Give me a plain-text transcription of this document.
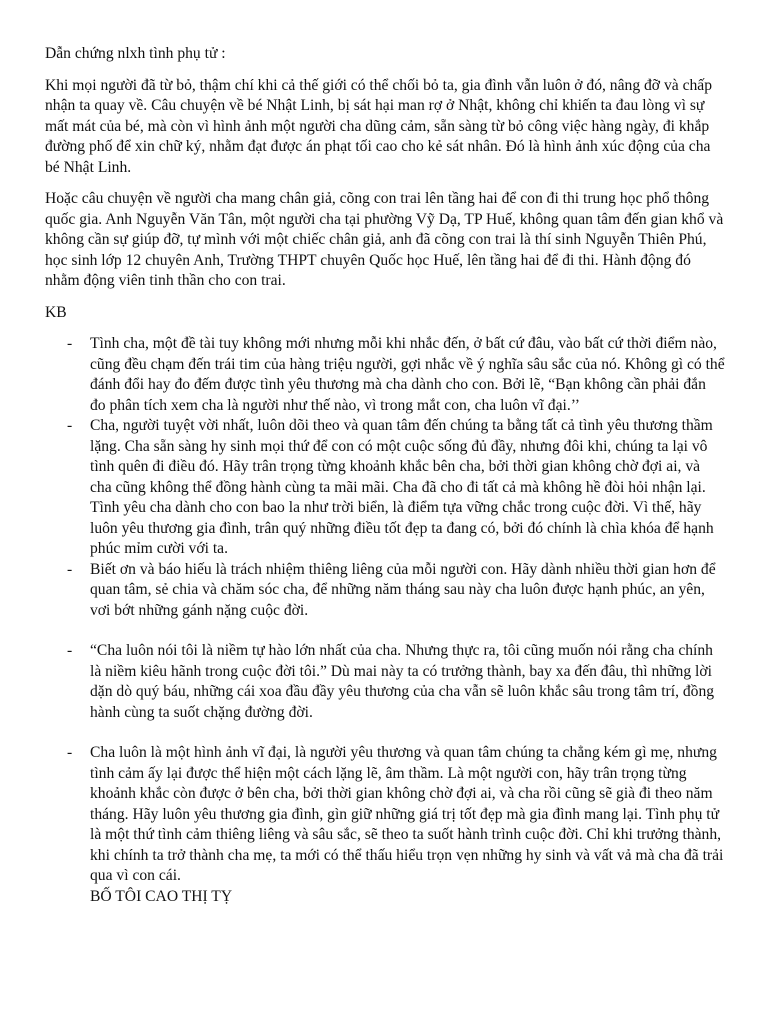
Dẫn chứng nlxh tình phụ tử :

Khi mọi người đã từ bỏ, thậm chí khi cả thế giới có thể chối bỏ ta, gia đình vẫn luôn ở đó, nâng đỡ và chấp nhận ta quay về. Câu chuyện về bé Nhật Linh, bị sát hại man rợ ở Nhật, không chỉ khiến ta đau lòng vì sự mất mát của bé, mà còn vì hình ảnh một người cha dũng cảm, sẵn sàng từ bỏ công việc hàng ngày, đi khắp đường phố để xin chữ ký, nhằm đạt được án phạt tối cao cho kẻ sát nhân. Đó là hình ảnh xúc động của cha bé Nhật Linh.

Hoặc câu chuyện về người cha mang chân giả, cõng con trai lên tầng hai để con đi thi trung học phổ thông quốc gia. Anh Nguyễn Văn Tân, một người cha tại phường Vỹ Dạ, TP Huế, không quan tâm đến gian khổ và không cần sự giúp đỡ, tự mình với một chiếc chân giả, anh đã cõng con trai là thí sinh Nguyễn Thiên Phú, học sinh lớp 12 chuyên Anh, Trường THPT chuyên Quốc học Huế, lên tầng hai để đi thi. Hành động đó nhằm động viên tinh thần cho con trai.

KB
- Tình cha, một đề tài tuy không mới nhưng mỗi khi nhắc đến, ở bất cứ đâu, vào bất cứ thời điểm nào, cũng đều chạm đến trái tim của hàng triệu người, gợi nhắc về ý nghĩa sâu sắc của nó. Không gì có thể đánh đổi hay đo đếm được tình yêu thương mà cha dành cho con. Bởi lẽ, “Bạn không cần phải đắn đo phân tích xem cha là người như thế nào, vì trong mắt con, cha luôn vĩ đại.’’
- Cha, người tuyệt vời nhất, luôn dõi theo và quan tâm đến chúng ta bằng tất cả tình yêu thương thầm lặng. Cha sẵn sàng hy sinh mọi thứ để con có một cuộc sống đủ đầy, nhưng đôi khi, chúng ta lại vô tình quên đi điều đó. Hãy trân trọng từng khoảnh khắc bên cha, bởi thời gian không chờ đợi ai, và cha cũng không thể đồng hành cùng ta mãi mãi. Cha đã cho đi tất cả mà không hề đòi hỏi nhận lại. Tình yêu cha dành cho con bao la như trời biển, là điểm tựa vững chắc trong cuộc đời. Vì thế, hãy luôn yêu thương gia đình, trân quý những điều tốt đẹp ta đang có, bởi đó chính là chìa khóa để hạnh phúc mỉm cười với ta.
- Biết ơn và báo hiếu là trách nhiệm thiêng liêng của mỗi người con. Hãy dành nhiều thời gian hơn để quan tâm, sẻ chia và chăm sóc cha, để những năm tháng sau này cha luôn được hạnh phúc, an yên, vơi bớt những gánh nặng cuộc đời.
- “Cha luôn nói tôi là niềm tự hào lớn nhất của cha. Nhưng thực ra, tôi cũng muốn nói rằng cha chính là niềm kiêu hãnh trong cuộc đời tôi.” Dù mai này ta có trưởng thành, bay xa đến đâu, thì những lời dặn dò quý báu, những cái xoa đầu đầy yêu thương của cha vẫn sẽ luôn khắc sâu trong tâm trí, đồng hành cùng ta suốt chặng đường đời.
- Cha luôn là một hình ảnh vĩ đại, là người yêu thương và quan tâm chúng ta chẳng kém gì mẹ, nhưng tình cảm ấy lại được thể hiện một cách lặng lẽ, âm thầm. Là một người con, hãy trân trọng từng khoảnh khắc còn được ở bên cha, bởi thời gian không chờ đợi ai, và cha rồi cũng sẽ già đi theo năm tháng. Hãy luôn yêu thương gia đình, gìn giữ những giá trị tốt đẹp mà gia đình mang lại. Tình phụ tử là một thứ tình cảm thiêng liêng và sâu sắc, sẽ theo ta suốt hành trình cuộc đời. Chỉ khi trưởng thành, khi chính ta trở thành cha mẹ, ta mới có thể thấu hiểu trọn vẹn những hy sinh và vất vả mà cha đã trải qua vì con cái.
BỐ TÔI CAO THỊ TỴ
